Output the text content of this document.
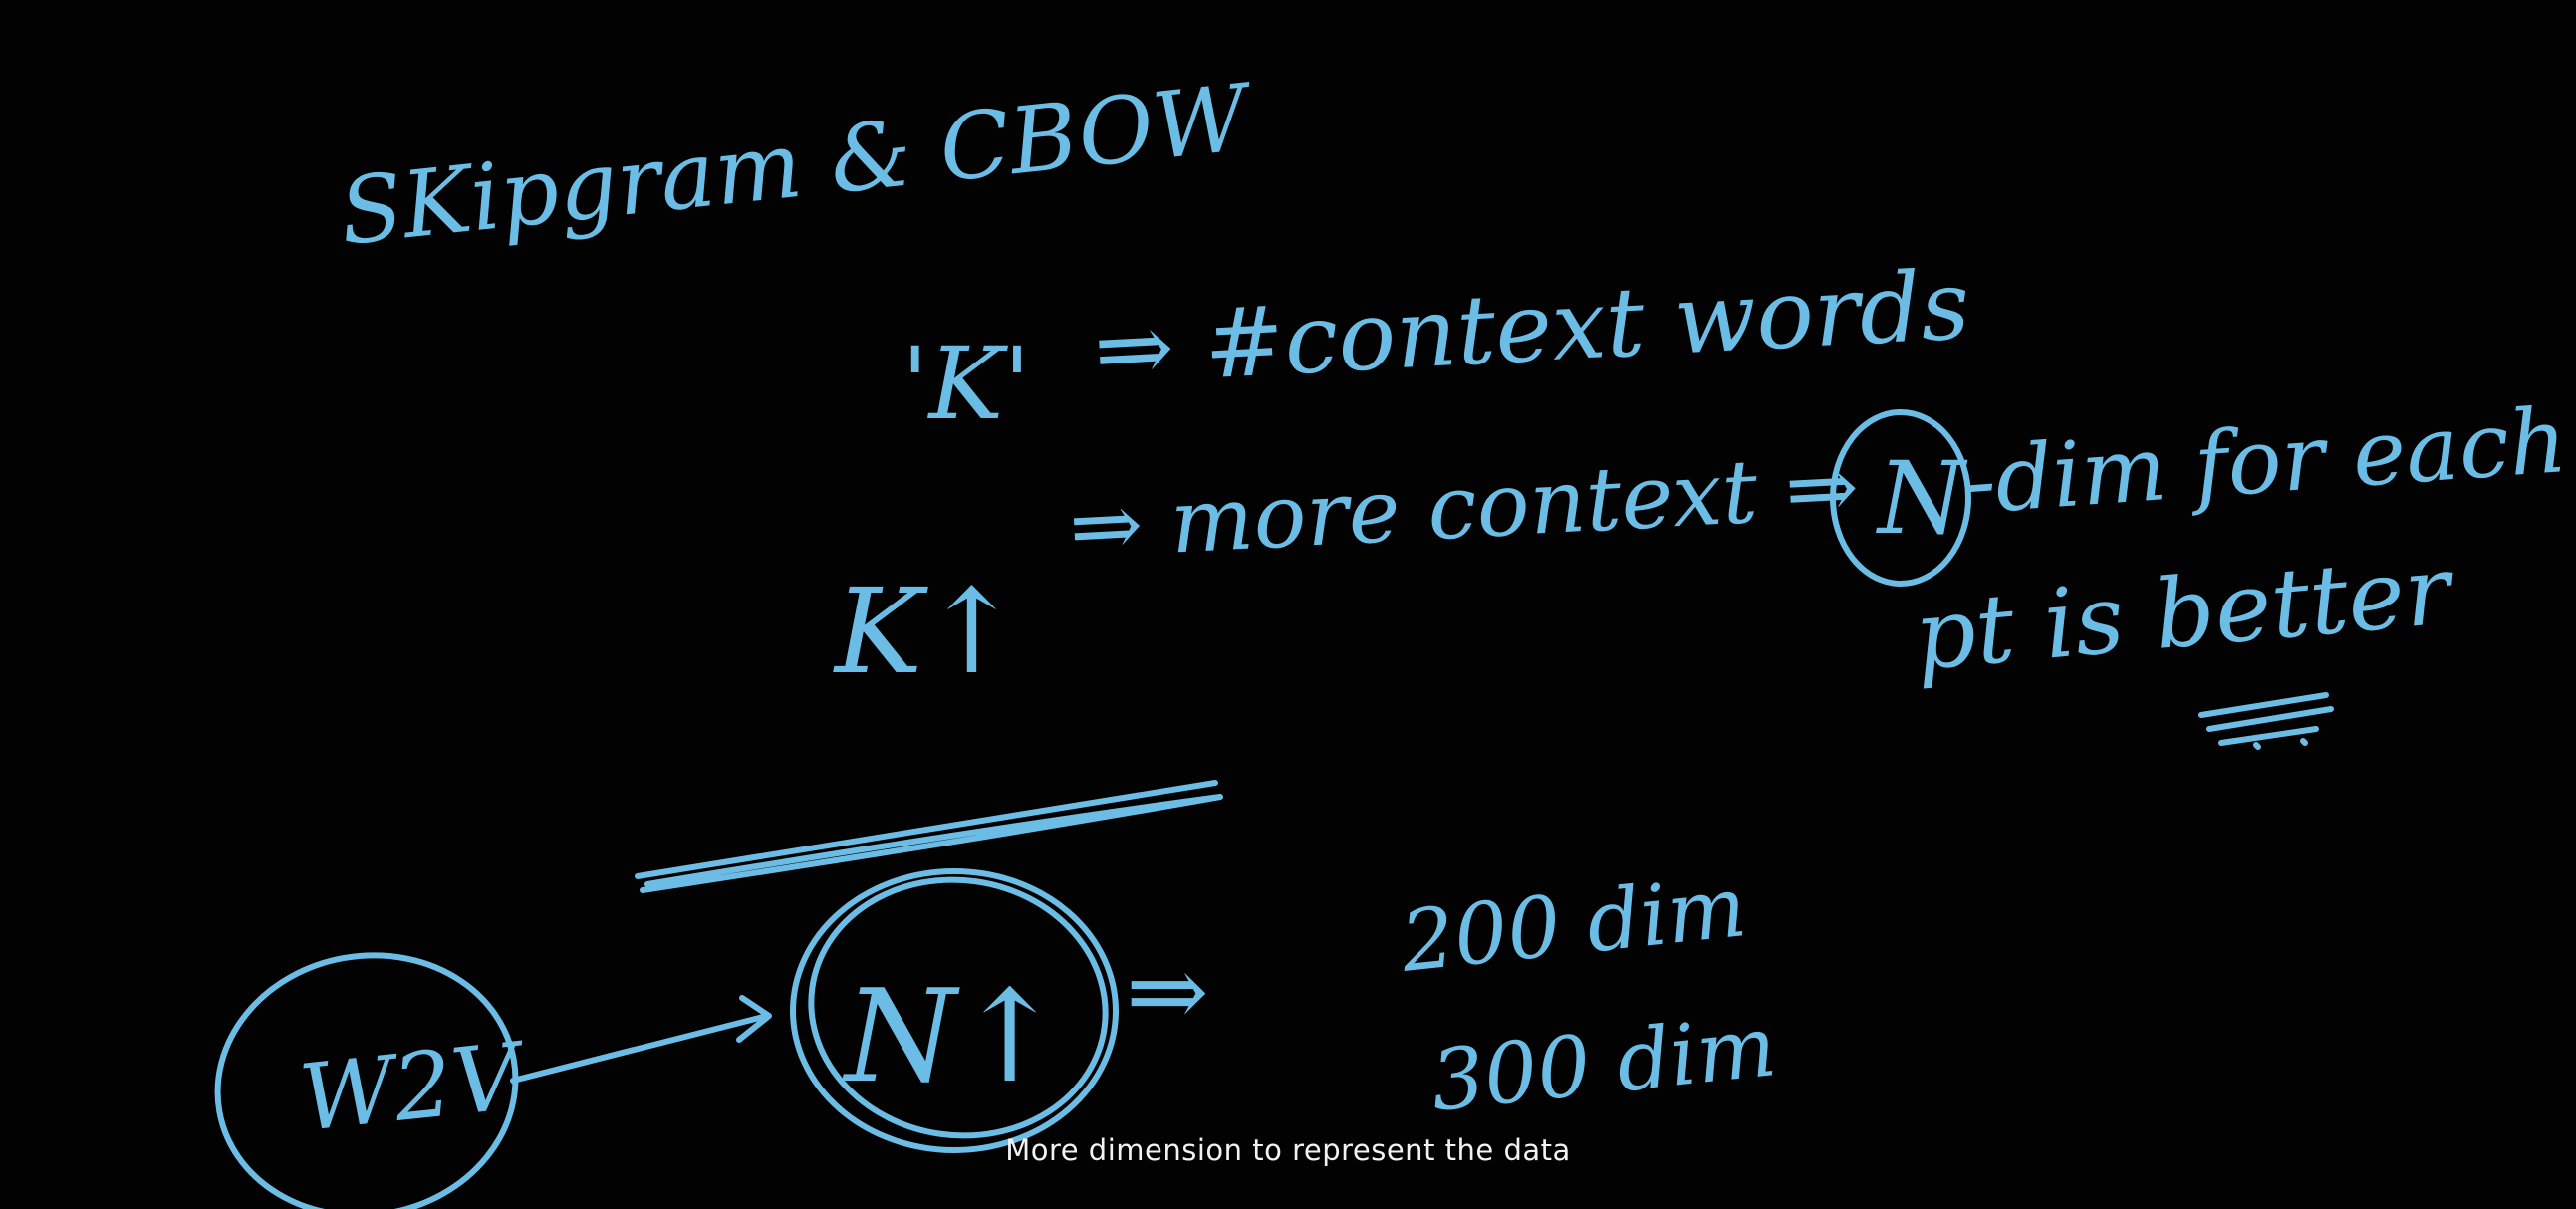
SKipgram & CBOW
'K' ⇒ #context words
K↑
⇒ more context ⇒ N
-dim for each
pt is better
W2V	N↑ ⇒
200 dim
300 dim
More dimension to represent the data
